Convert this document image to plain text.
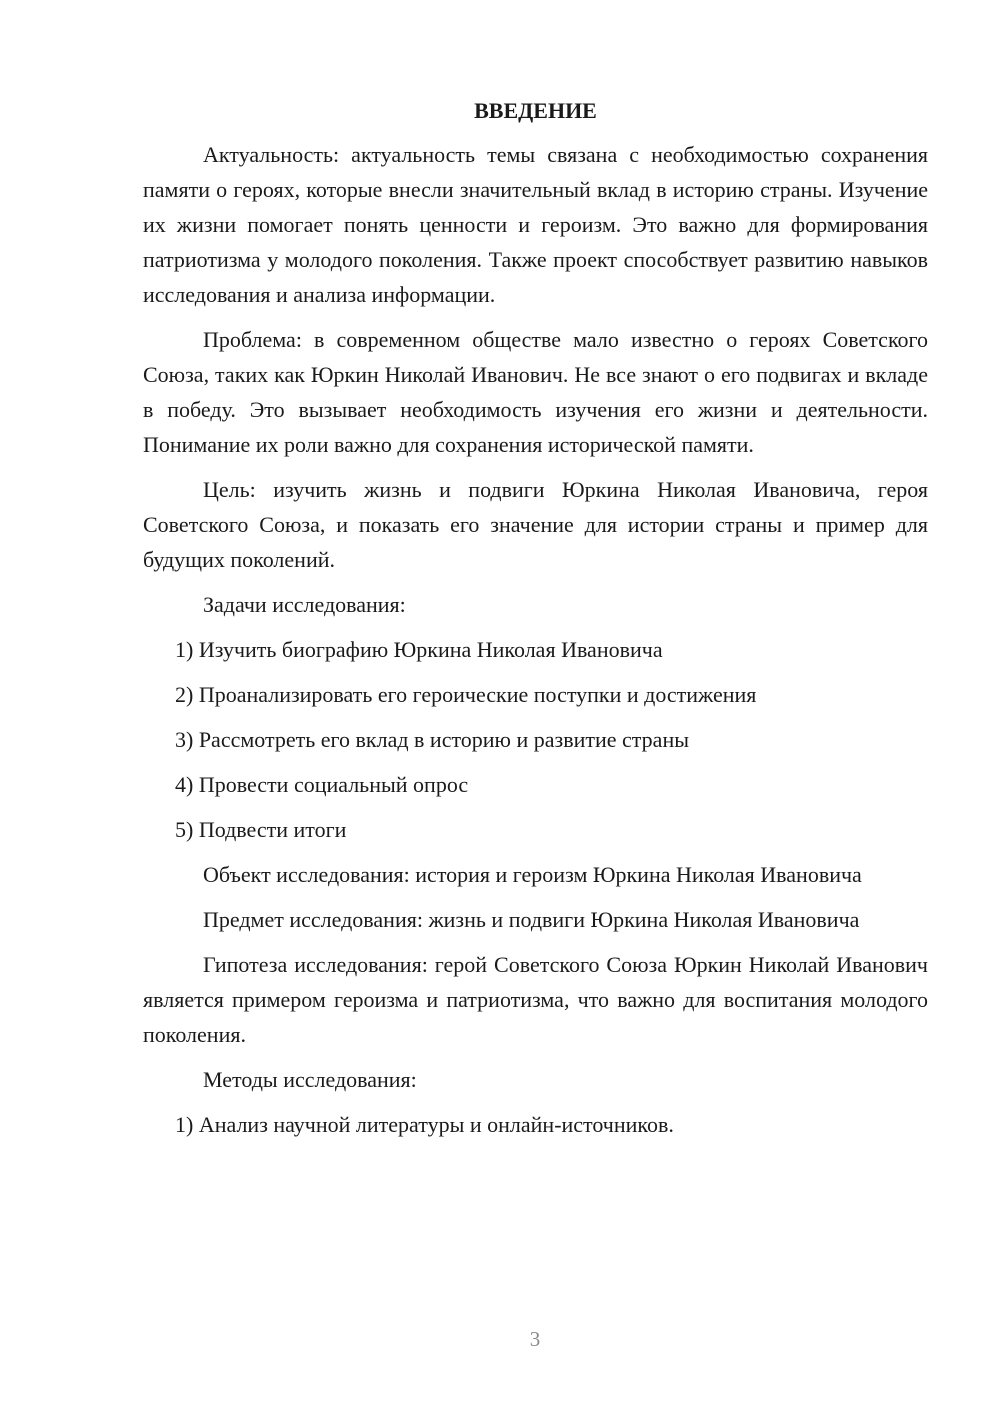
ВВЕДЕНИЕ

Актуальность: актуальность темы связана с необходимостью сохранения памяти о героях, которые внесли значительный вклад в историю страны. Изучение их жизни помогает понять ценности и героизм. Это важно для формирования патриотизма у молодого поколения. Также проект способствует развитию навыков исследования и анализа информации.

Проблема: в современном обществе мало известно о героях Советского Союза, таких как Юркин Николай Иванович. Не все знают о его подвигах и вкладе в победу. Это вызывает необходимость изучения его жизни и деятельности. Понимание их роли важно для сохранения исторической памяти.

Цель: изучить жизнь и подвиги Юркина Николая Ивановича, героя Советского Союза, и показать его значение для истории страны и пример для будущих поколений.

Задачи исследования:

1) Изучить биографию Юркина Николая Ивановича
2) Проанализировать его героические поступки и достижения
3) Рассмотреть его вклад в историю и развитие страны
4) Провести социальный опрос
5) Подвести итоги

Объект исследования: история и героизм Юркина Николая Ивановича

Предмет исследования: жизнь и подвиги Юркина Николая Ивановича

Гипотеза исследования: герой Советского Союза Юркин Николай Иванович является примером героизма и патриотизма, что важно для воспитания молодого поколения.

Методы исследования:

1) Анализ научной литературы и онлайн-источников.
3
